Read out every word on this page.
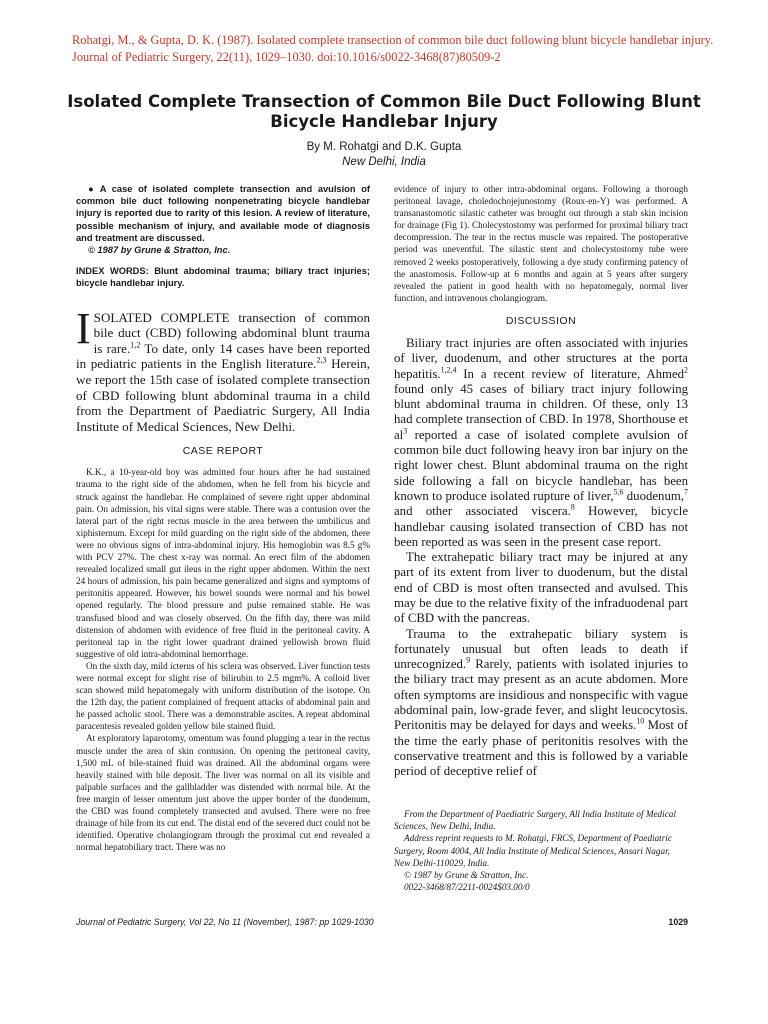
Rohatgi, M., & Gupta, D. K. (1987). Isolated complete transection of common bile duct following blunt bicycle handlebar injury. Journal of Pediatric Surgery, 22(11), 1029–1030. doi:10.1016/s0022-3468(87)80509-2
Isolated Complete Transection of Common Bile Duct Following Blunt Bicycle Handlebar Injury
By M. Rohatgi and D.K. Gupta
New Delhi, India

● A case of isolated complete transection and avulsion of common bile duct following nonpenetrating bicycle handlebar injury is reported due to rarity of this lesion. A review of literature, possible mechanism of injury, and available mode of diagnosis and treatment are discussed.

© 1987 by Grune & Stratton, Inc.

INDEX WORDS: Blunt abdominal trauma; biliary tract injuries; bicycle handlebar injury.

ISOLATED COMPLETE transection of common bile duct (CBD) following abdominal blunt trauma is rare.$^{1,2}$ To date, only 14 cases have been reported in pediatric patients in the English literature.$^{2,3}$ Herein, we report the 15th case of isolated complete transection of CBD following blunt abdominal trauma in a child from the Department of Paediatric Surgery, All India Institute of Medical Sciences, New Delhi.

CASE REPORT

K.K., a 10-year-old boy was admitted four hours after he had sustained trauma to the right side of the abdomen, when he fell from his bicycle and struck against the handlebar. He complained of severe right upper abdominal pain. On admission, his vital signs were stable. There was a contusion over the lateral part of the right rectus muscle in the area between the umbilicus and xiphisternum. Except for mild guarding on the right side of the abdomen, there were no obvious signs of intra-abdominal injury. His hemoglobin was 8.5 g% with PCV 27%. The chest x-ray was normal. An erect film of the abdomen revealed localized small gut ileus in the right upper abdomen. Within the next 24 hours of admission, his pain became generalized and signs and symptoms of peritonitis appeared. However, his bowel sounds were normal and his bowel opened regularly. The blood pressure and pulse remained stable. He was transfused blood and was closely observed. On the fifth day, there was mild distension of abdomen with evidence of free fluid in the peritoneal cavity. A peritoneal tap in the right lower quadrant drained yellowish brown fluid suggestive of old intra-abdominal hemorrhage.

On the sixth day, mild icterus of his sclera was observed. Liver function tests were normal except for slight rise of bilirubin to 2.5 mgm%. A colloid liver scan showed mild hepatomegaly with uniform distribution of the isotope. On the 12th day, the patient complained of frequent attacks of abdominal pain and he passed acholic stool. There was a demonstrable ascites. A repeat abdominal paracentesis revealed golden yellow bile stained fluid.

At exploratory laparotomy, omentum was found plugging a tear in the rectus muscle under the area of skin contusion. On opening the peritoneal cavity, 1,500 mL of bile-stained fluid was drained. All the abdominal organs were heavily stained with bile deposit. The liver was normal on all its visible and palpable surfaces and the gallbladder was distended with normal bile. At the free margin of lesser omentum just above the upper border of the duodenum, the CBD was found completely transected and avulsed. There were no free drainage of bile from its cut end. The distal end of the severed duct could not be identified. Operative cholangiogram through the proximal cut end revealed a normal hepatobiliary tract. There was no

evidence of injury to other intra-abdominal organs. Following a thorough peritoneal lavage, choledochojejunostomy (Roux-en-Y) was performed. A transanastomotic silastic catheter was brought out through a stab skin incision for drainage (Fig 1). Cholecystostomy was performed for proximal biliary tract decompression. The tear in the rectus muscle was repaired. The postoperative period was uneventful. The silastic stent and cholecystostomy tube were removed 2 weeks postoperatively, following a dye study confirming patency of the anastomosis. Follow-up at 6 months and again at 5 years after surgery revealed the patient in good health with no hepatomegaly, normal liver function, and intravenous cholangiogram.

DISCUSSION

Biliary tract injuries are often associated with injuries of liver, duodenum, and other structures at the porta hepatitis.$^{1,2,4}$ In a recent review of literature, Ahmed$^2$ found only 45 cases of biliary tract injury following blunt abdominal trauma in children. Of these, only 13 had complete transection of CBD. In 1978, Shorthouse et $al^3$ reported a case of isolated complete avulsion of common bile duct following heavy iron bar injury on the right lower chest. Blunt abdominal trauma on the right side following a fall on bicycle handlebar, has been known to produce isolated rupture of liver,$^{5,6}$ duodenum,$^7$ and other associated viscera.$^8$ However, bicycle handlebar causing isolated transection of CBD has not been reported as was seen in the present case report.

The extrahepatic biliary tract may be injured at any part of its extent from liver to duodenum, but the distal end of CBD is most often transected and avulsed. This may be due to the relative fixity of the infraduodenal part of CBD with the pancreas.

Trauma to the extrahepatic biliary system is fortunately unusual but often leads to death if unrecognized.$^9$ Rarely, patients with isolated injuries to the biliary tract may present as an acute abdomen. More often symptoms are insidious and nonspecific with vague abdominal pain, low-grade fever, and slight leucocytosis. Peritonitis may be delayed for days and weeks.$^{10}$ Most of the time the early phase of peritonitis resolves with the conservative treatment and this is followed by a variable period of deceptive relief of

From the Department of Paediatric Surgery, All India Institute of Medical Sciences, New Delhi, India.

Address reprint requests to M. Rohatgi, FRCS, Department of Paediatric Surgery, Room 4004, All India Institute of Medical Sciences, Ansari Nagar, New Delhi-110029, India.

© 1987 by Grune & Stratton, Inc.

0022-3468/87/2211-0024$03.00/0

Journal of Pediatric Surgery, Vol 22, No 11 (November), 1987: pp 1029-1030	1029
